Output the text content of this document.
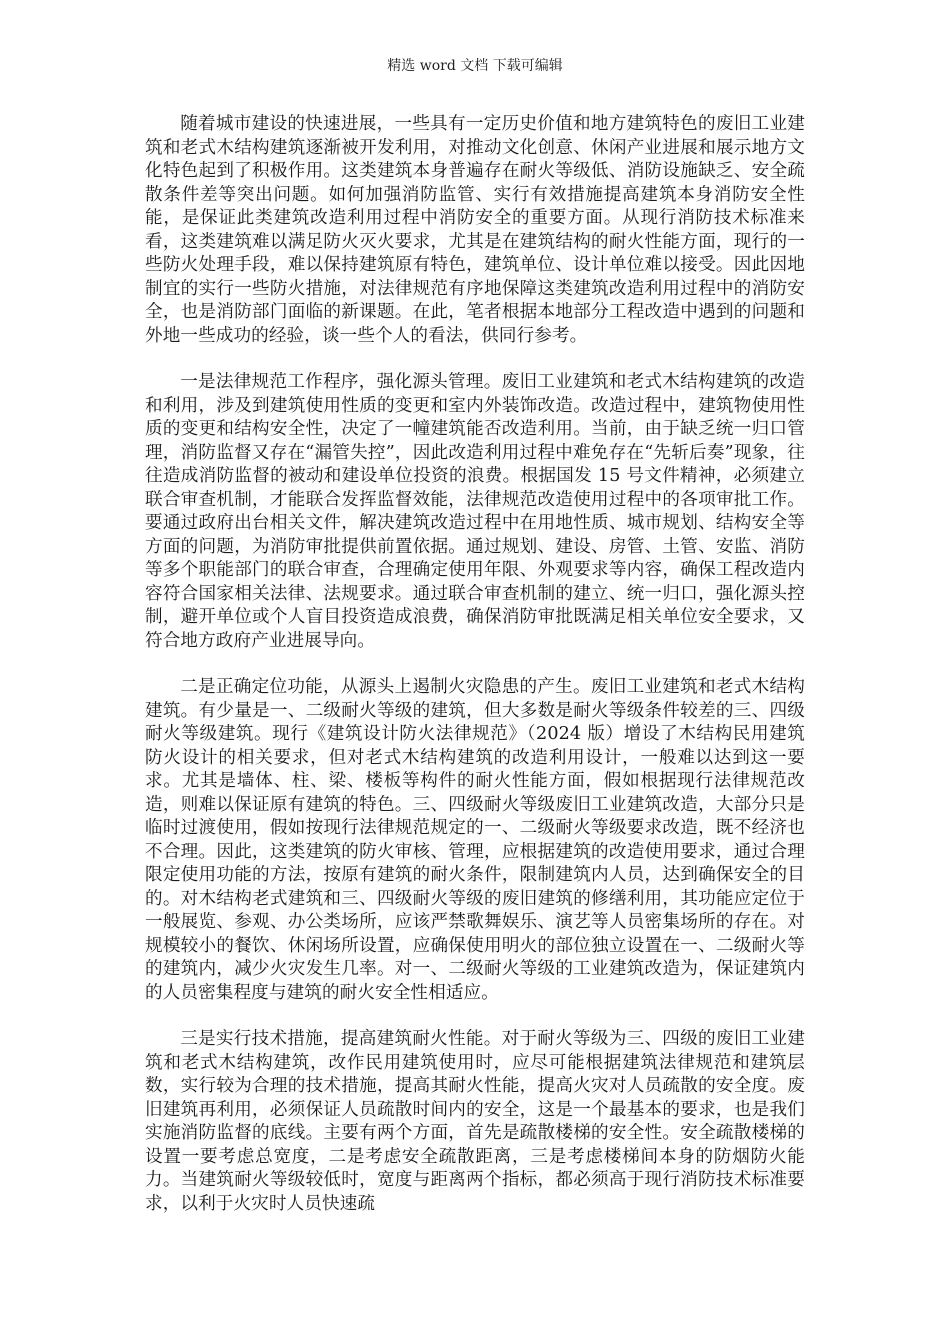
精选 word 文档 下载可编辑

随着城市建设的快速进展，一些具有一定历史价值和地方建筑特色的废旧工业建筑和老式木结构建筑逐渐被开发利用，对推动文化创意、休闲产业进展和展示地方文化特色起到了积极作用。这类建筑本身普遍存在耐火等级低、消防设施缺乏、安全疏散条件差等突出问题。如何加强消防监管、实行有效措施提高建筑本身消防安全性能，是保证此类建筑改造利用过程中消防安全的重要方面。从现行消防技术标准来看，这类建筑难以满足防火灭火要求，尤其是在建筑结构的耐火性能方面，现行的一些防火处理手段，难以保持建筑原有特色，建筑单位、设计单位难以接受。因此因地制宜的实行一些防火措施，对法律规范有序地保障这类建筑改造利用过程中的消防安全，也是消防部门面临的新课题。在此，笔者根据本地部分工程改造中遇到的问题和外地一些成功的经验，谈一些个人的看法，供同行参考。

一是法律规范工作程序，强化源头管理。废旧工业建筑和老式木结构建筑的改造和利用，涉及到建筑使用性质的变更和室内外装饰改造。改造过程中，建筑物使用性质的变更和结构安全性，决定了一幢建筑能否改造利用。当前，由于缺乏统一归口管理，消防监督又存在“漏管失控”，因此改造利用过程中难免存在“先斩后奏”现象，往往造成消防监督的被动和建设单位投资的浪费。根据国发 15 号文件精神，必须建立联合审查机制，才能联合发挥监督效能，法律规范改造使用过程中的各项审批工作。要通过政府出台相关文件，解决建筑改造过程中在用地性质、城市规划、结构安全等方面的问题，为消防审批提供前置依据。通过规划、建设、房管、土管、安监、消防等多个职能部门的联合审查，合理确定使用年限、外观要求等内容，确保工程改造内容符合国家相关法律、法规要求。通过联合审查机制的建立、统一归口，强化源头控制，避开单位或个人盲目投资造成浪费，确保消防审批既满足相关单位安全要求，又符合地方政府产业进展导向。

二是正确定位功能，从源头上遏制火灾隐患的产生。废旧工业建筑和老式木结构建筑。有少量是一、二级耐火等级的建筑，但大多数是耐火等级条件较差的三、四级耐火等级建筑。现行《建筑设计防火法律规范》（2024 版）增设了木结构民用建筑防火设计的相关要求，但对老式木结构建筑的改造利用设计，一般难以达到这一要求。尤其是墙体、柱、梁、楼板等构件的耐火性能方面，假如根据现行法律规范改造，则难以保证原有建筑的特色。三、四级耐火等级废旧工业建筑改造，大部分只是临时过渡使用，假如按现行法律规范规定的一、二级耐火等级要求改造，既不经济也不合理。因此，这类建筑的防火审核、管理，应根据建筑的改造使用要求，通过合理限定使用功能的方法，按原有建筑的耐火条件，限制建筑内人员，达到确保安全的目的。对木结构老式建筑和三、四级耐火等级的废旧建筑的修缮利用，其功能应定位于一般展览、参观、办公类场所，应该严禁歌舞娱乐、演艺等人员密集场所的存在。对规模较小的餐饮、休闲场所设置，应确保使用明火的部位独立设置在一、二级耐火等的建筑内，减少火灾发生几率。对一、二级耐火等级的工业建筑改造为，保证建筑内的人员密集程度与建筑的耐火安全性相适应。

三是实行技术措施，提高建筑耐火性能。对于耐火等级为三、四级的废旧工业建筑和老式木结构建筑，改作民用建筑使用时，应尽可能根据建筑法律规范和建筑层数，实行较为合理的技术措施，提高其耐火性能，提高火灾对人员疏散的安全度。废旧建筑再利用，必须保证人员疏散时间内的安全，这是一个最基本的要求，也是我们实施消防监督的底线。主要有两个方面，首先是疏散楼梯的安全性。安全疏散楼梯的设置一要考虑总宽度，二是考虑安全疏散距离，三是考虑楼梯间本身的防烟防火能力。当建筑耐火等级较低时，宽度与距离两个指标，都必须高于现行消防技术标准要求，以利于火灾时人员快速疏
